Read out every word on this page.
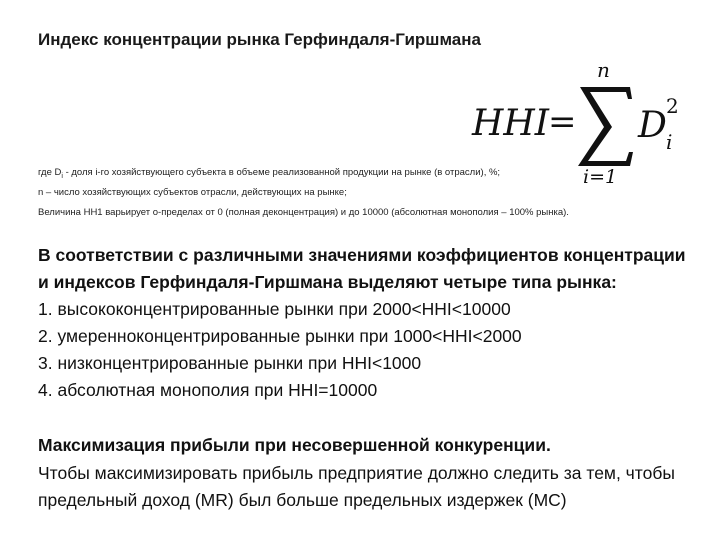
Индекс концентрации рынка Герфиндаля-Гиршмана
HHI
=
n
i=1
D 2
i
где $D_i$ - доля i-го хозяйствующего субъекта в объеме реализованной продукции на рынке (в отрасли), %;
n – число хозяйствующих субъектов отрасли, действующих на рынке;
Величина НН1 варьирует о-пределах от 0 (полная деконцентрация) и до 10000 (абсолютная монополия – 100% рынка).
В соответствии с различными значениями коэффициентов концентрации
и индексов Герфиндаля-Гиршмана выделяют четыре типа рынка:
1. высококонцентрированные рынки при 2000<HHI<10000
2. умеренноконцентрированные рынки при 1000<HHI<2000
3. низконцентрированные рынки при HHI<1000
4. абсолютная монополия при HHI=10000
Максимизация прибыли при несовершенной конкуренции.
Чтобы максимизировать прибыль предприятие должно следить за тем, чтобы
предельный доход (MR) был больше предельных издержек (MC)
